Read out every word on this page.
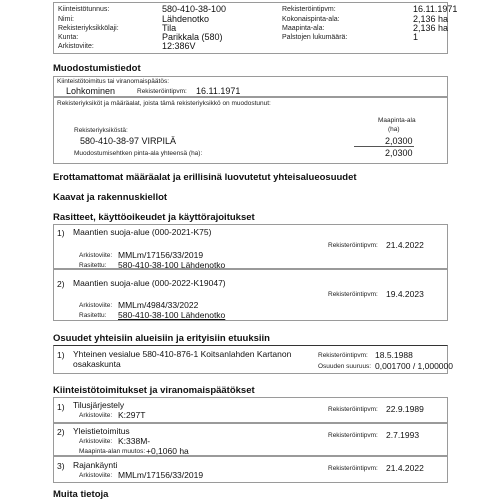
Kiinteistötunnus:	580-410-38-100
Nimi:	Lähdenotko
Rekisteriyksikkölaji:	Tila
Kunta:	Parikkala (580)
Arkistoviite:	12:386V
Rekisteröintipvm:	16.11.1971
Kokonaispinta-ala:	2,136 ha
Maapinta-ala:	2,136 ha
Palstojen lukumäärä:	1
Muodostumistiedot
Kiinteistötoimitus tai viranomaispäätös:
Lohkominen	Rekisteröintipvm: 16.11.1971
Rekisteriyksiköt ja määräalat, joista tämä rekisteriyksikkö on muodostunut:
Maapinta-ala
(ha)
Rekisteriyksiköstä:
580-410-38-97 VIRPILÄ	2,0300
Muodostumisehtken pinta-ala yhteensä (ha):	2,0300
Erottamattomat määräalat ja erillisinä luovutetut yhteisalueosuudet
Kaavat ja rakennuskiellot
Rasitteet, käyttöoikeudet ja käyttörajoitukset
1) Maantien suoja-alue (000-2021-K75)
Rekisteröintipvm: 21.4.2022
Arkistoviite: MMLm/17156/33/2019
Rasitettu: 580-410-38-100 Lähdenotko
2) Maantien suoja-alue (000-2022-K19047)
Rekisteröintipvm: 19.4.2023
Arkistoviite: MMLm/4984/33/2022
Rasitettu: 580-410-38-100 Lähdenotko
Osuudet yhteisiin alueisiin ja erityisiin etuuksiin
1) Yhteinen vesialue 580-410-876-1 Koitsanlahden Kartanon
osakaskunta
Rekisteröintipvm: 18.5.1988
Osuuden suuruus: 0,001700 / 1,000000
Kiinteistötoimitukset ja viranomaispäätökset
1) Tilusjärjestely	Rekisteröintipvm: 22.9.1989
Arkistoviite: K:297T
2) Yleistietoimitus	Rekisteröintipvm: 2.7.1993
Arkistoviite: K:338M-
Maapinta-alan muutos: +0,1060 ha
3) Rajankäynti	Rekisteröintipvm: 21.4.2022
Arkistoviite: MMLm/17156/33/2019
Muita tietoja
